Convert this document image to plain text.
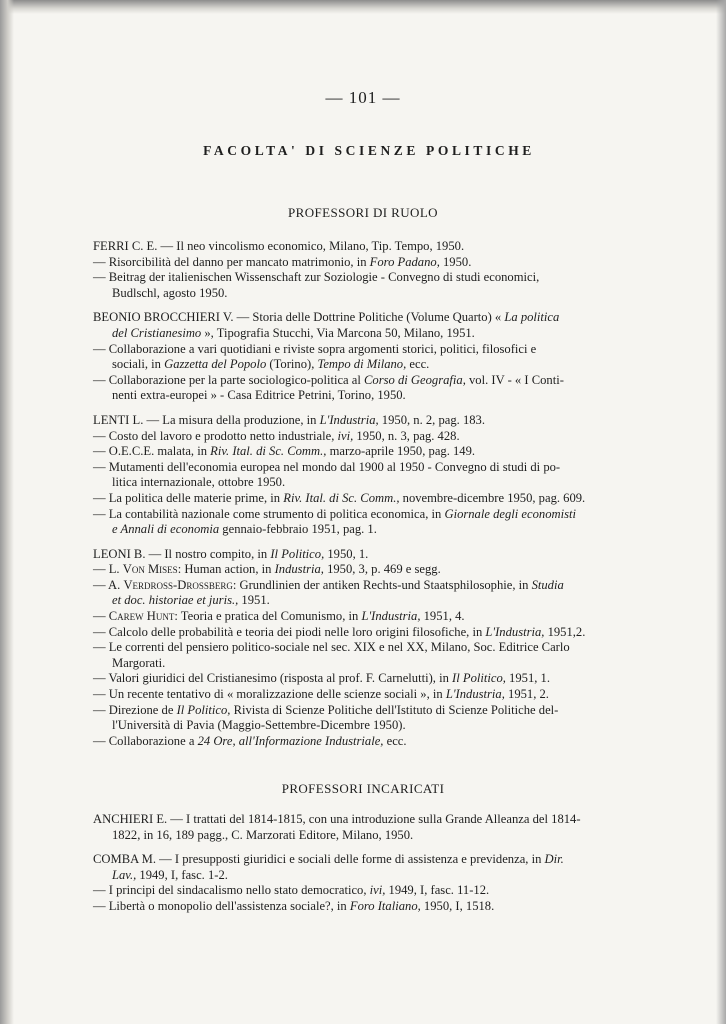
— 101 —
FACOLTA' DI SCIENZE POLITICHE
PROFESSORI DI RUOLO
FERRI C. E. — Il neo vincolismo economico, Milano, Tip. Tempo, 1950.
— Risorcibilità del danno per mancato matrimonio, in Foro Padano, 1950.
— Beitrag der italienischen Wissenschaft zur Soziologie - Convegno di studi economici,
Budlschl, agosto 1950.
BEONIO BROCCHIERI V. — Storia delle Dottrine Politiche (Volume Quarto) « La politica
del Cristianesimo », Tipografia Stucchi, Via Marcona 50, Milano, 1951.
— Collaborazione a vari quotidiani e riviste sopra argomenti storici, politici, filosofici e
sociali, in Gazzetta del Popolo (Torino), Tempo di Milano, ecc.
— Collaborazione per la parte sociologico-politica al Corso di Geografia, vol. IV - « I Conti-
nenti extra-europei » - Casa Editrice Petrini, Torino, 1950.
LENTI L. — La misura della produzione, in L'Industria, 1950, n. 2, pag. 183.
— Costo del lavoro e prodotto netto industriale, ivi, 1950, n. 3, pag. 428.
— O.E.C.E. malata, in Riv. Ital. di Sc. Comm., marzo-aprile 1950, pag. 149.
— Mutamenti dell'economia europea nel mondo dal 1900 al 1950 - Convegno di studi di po-
litica internazionale, ottobre 1950.
— La politica delle materie prime, in Riv. Ital. di Sc. Comm., novembre-dicembre 1950, pag. 609.
— La contabilità nazionale come strumento di politica economica, in Giornale degli economisti
e Annali di economia gennaio-febbraio 1951, pag. 1.
LEONI B. — Il nostro compito, in Il Politico, 1950, 1.
— L. Von Mises: Human action, in Industria, 1950, 3, p. 469 e segg.
— A. Verdross-Drossberg: Grundlinien der antiken Rechts-und Staatsphilosophie, in Studia
et doc. historiae et juris., 1951.
— Carew Hunt: Teoria e pratica del Comunismo, in L'Industria, 1951, 4.
— Calcolo delle probabilità e teoria dei piodi nelle loro origini filosofiche, in L'Industria, 1951,2.
— Le correnti del pensiero politico-sociale nel sec. XIX e nel XX, Milano, Soc. Editrice Carlo
Margorati.
— Valori giuridici del Cristianesimo (risposta al prof. F. Carnelutti), in Il Politico, 1951, 1.
— Un recente tentativo di « moralizzazione delle scienze sociali », in L'Industria, 1951, 2.
— Direzione de Il Politico, Rivista di Scienze Politiche dell'Istituto di Scienze Politiche del-
l'Università di Pavia (Maggio-Settembre-Dicembre 1950).
— Collaborazione a 24 Ore, all'Informazione Industriale, ecc.
PROFESSORI INCARICATI
ANCHIERI E. — I trattati del 1814-1815, con una introduzione sulla Grande Alleanza del 1814-
1822, in 16, 189 pagg., C. Marzorati Editore, Milano, 1950.
COMBA M. — I presupposti giuridici e sociali delle forme di assistenza e previdenza, in Dir.
Lav., 1949, I, fasc. 1-2.
— I principi del sindacalismo nello stato democratico, ivi, 1949, I, fasc. 11-12.
— Libertà o monopolio dell'assistenza sociale?, in Foro Italiano, 1950, I, 1518.
